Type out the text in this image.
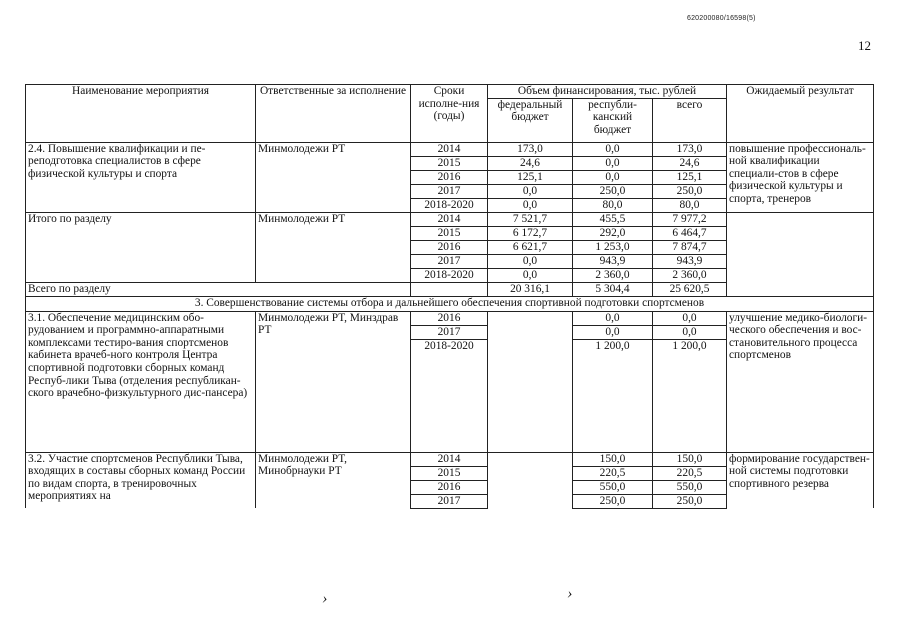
620200080/16598(5)
12
›	›
Наименование мероприятия	Ответственные за исполнение	Сроки исполне-ния (годы)	Объем финансирования, тыс. рублей			Ожидаемый результат
			федеральный бюджет	республи-канский бюджет	всего	
2.4. Повышение квалификации и пе-реподготовка специалистов в сфере физической культуры и спорта	Минмолодежи РТ	2014	173,0	0,0	173,0	повышение профессиональ-ной квалификации специали-стов в сфере физической культуры и спорта, тренеров
		2015	24,6	0,0	24,6	
		2016	125,1	0,0	125,1	
		2017	0,0	250,0	250,0	
		2018-2020	0,0	80,0	80,0	
Итого по разделу	Минмолодежи РТ	2014	7 521,7	455,5	7 977,2	
		2015	6 172,7	292,0	6 464,7	
		2016	6 621,7	1 253,0	7 874,7	
		2017	0,0	943,9	943,9	
		2018-2020	0,0	2 360,0	2 360,0	
Всего по разделу			20 316,1	5 304,4	25 620,5	
3. Совершенствование системы отбора и дальнейшего обеспечения спортивной подготовки спортсменов						
3.1. Обеспечение медицинским обо-рудованием и программно-аппаратными комплексами тестиро-вания спортсменов кабинета врачеб-ного контроля Центра спортивной подготовки сборных команд Респуб-лики Тыва (отделения республикан-ского врачебно-физкультурного дис-пансера)	Минмолодежи РТ, Минздрав РТ	2016		0,0	0,0	улучшение медико-биологи-ческого обеспечения и вос-становительного процесса спортсменов
		2017		0,0	0,0	
		2018-2020		1 200,0	1 200,0	
3.2. Участие спортсменов Республики Тыва, входящих в составы сборных команд России по видам спорта, в тренировочных мероприятиях на	Минмолодежи РТ, Минобрнауки РТ	2014		150,0	150,0	формирование государствен-ной системы подготовки спортивного резерва
		2015		220,5	220,5	
		2016		550,0	550,0	
		2017		250,0	250,0	
